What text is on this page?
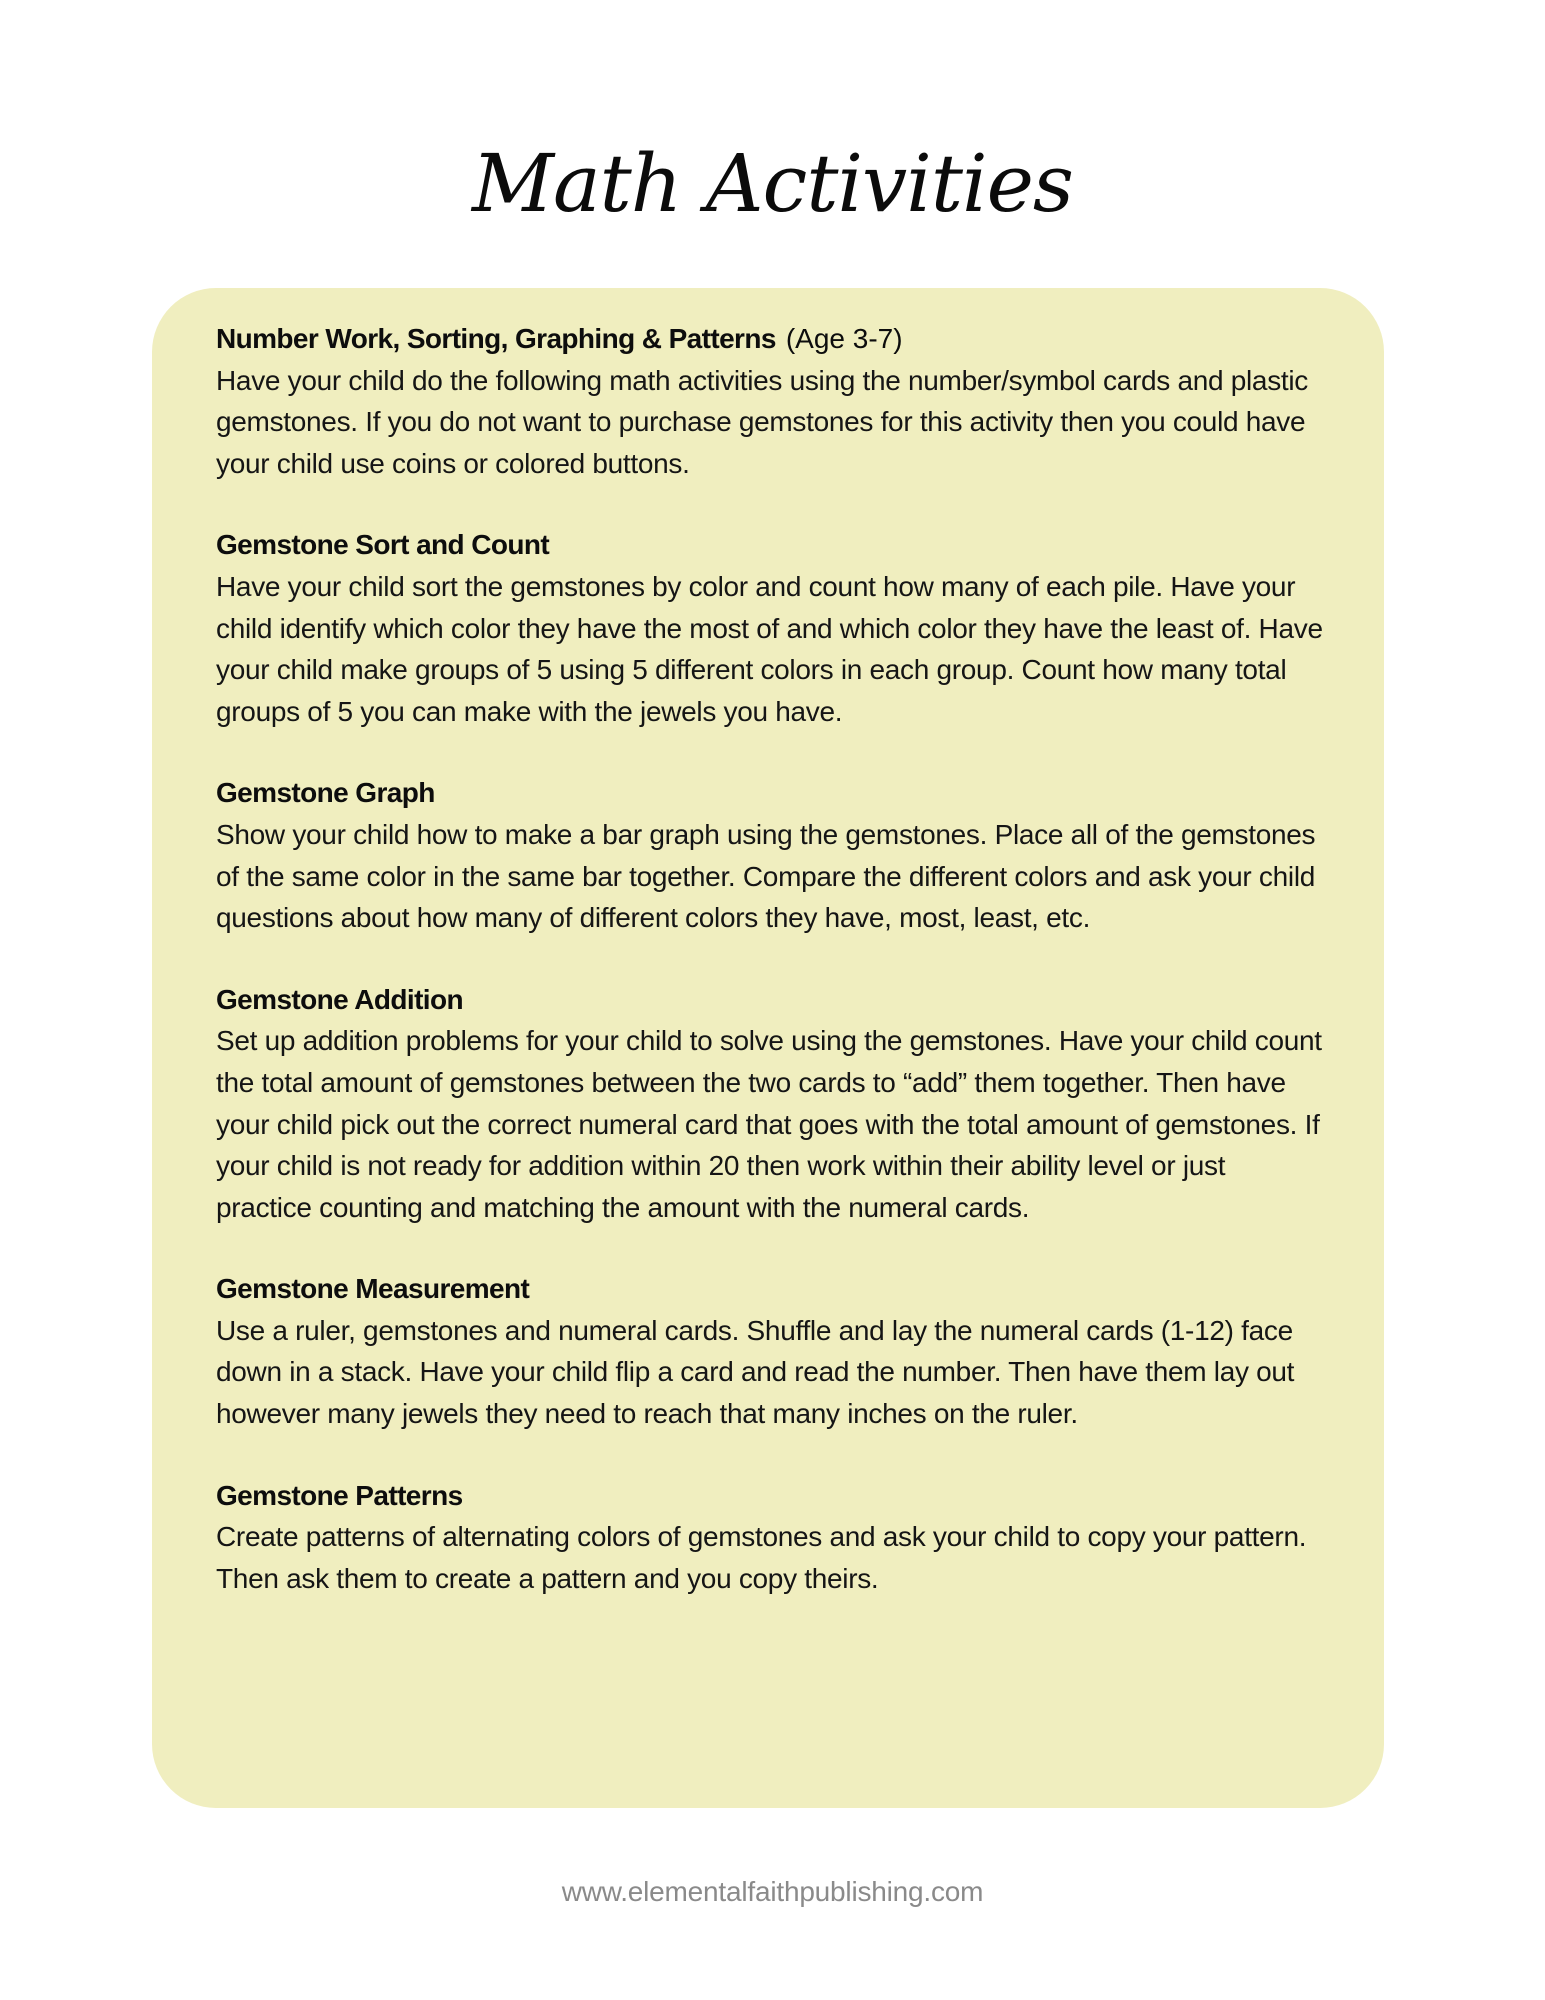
Math Activities
Number Work, Sorting, Graphing & Patterns (Age 3-7)
Have your child do the following math activities using the number/symbol cards and plastic gemstones. If you do not want to purchase gemstones for this activity then you could have your child use coins or colored buttons.
Gemstone Sort and Count
Have your child sort the gemstones by color and count how many of each pile. Have your child identify which color they have the most of and which color they have the least of. Have your child make groups of 5 using 5 different colors in each group. Count how many total groups of 5 you can make with the jewels you have.
Gemstone Graph
Show your child how to make a bar graph using the gemstones. Place all of the gemstones of the same color in the same bar together. Compare the different colors and ask your child questions about how many of different colors they have, most, least, etc.
Gemstone Addition
Set up addition problems for your child to solve using the gemstones. Have your child count the total amount of gemstones between the two cards to “add” them together. Then have your child pick out the correct numeral card that goes with the total amount of gemstones. If your child is not ready for addition within 20 then work within their ability level or just practice counting and matching the amount with the numeral cards.
Gemstone Measurement
Use a ruler, gemstones and numeral cards. Shuffle and lay the numeral cards (1-12) face down in a stack. Have your child flip a card and read the number. Then have them lay out however many jewels they need to reach that many inches on the ruler.
Gemstone Patterns
Create patterns of alternating colors of gemstones and ask your child to copy your pattern. Then ask them to create a pattern and you copy theirs.
www.elementalfaithpublishing.com
